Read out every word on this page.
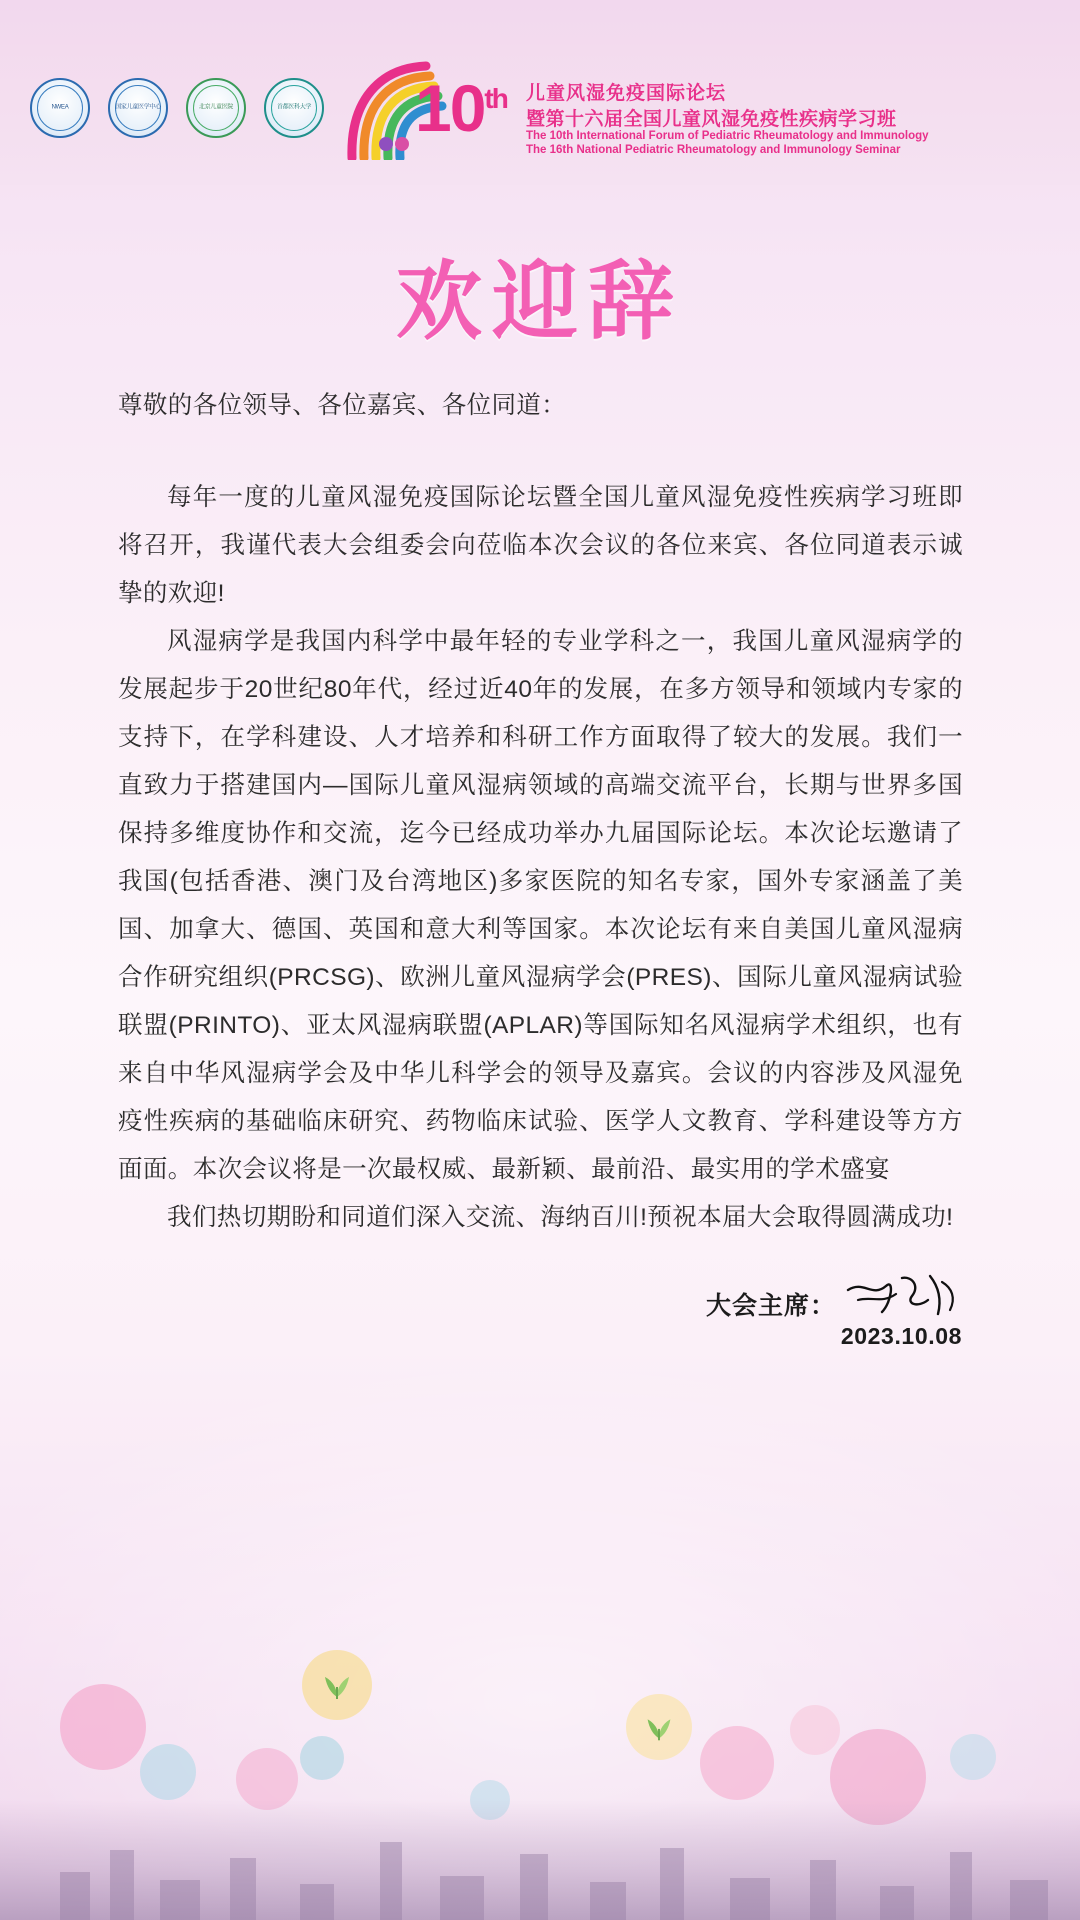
NWEA	国家儿童医学中心	北京儿童医院	首都医科大学 10th 儿童风湿免疫国际论坛
暨第十六届全国儿童风湿免疫性疾病学习班
The 10th International Forum of Pediatric Rheumatology and Immunology
The 16th National Pediatric Rheumatology and Immunology Seminar
欢迎辞

尊敬的各位领导、各位嘉宾、各位同道：

每年一度的儿童风湿免疫国际论坛暨全国儿童风湿免疫性疾病学习班即将召开，我谨代表大会组委会向莅临本次会议的各位来宾、各位同道表示诚挚的欢迎!

风湿病学是我国内科学中最年轻的专业学科之一，我国儿童风湿病学的发展起步于20世纪80年代，经过近40年的发展，在多方领导和领域内专家的支持下，在学科建设、人才培养和科研工作方面取得了较大的发展。我们一直致力于搭建国内—国际儿童风湿病领域的高端交流平台，长期与世界多国保持多维度协作和交流，迄今已经成功举办九届国际论坛。本次论坛邀请了我国(包括香港、澳门及台湾地区)多家医院的知名专家，国外专家涵盖了美国、加拿大、德国、英国和意大利等国家。本次论坛有来自美国儿童风湿病合作研究组织(PRCSG)、欧洲儿童风湿病学会(PRES)、国际儿童风湿病试验联盟(PRINTO)、亚太风湿病联盟(APLAR)等国际知名风湿病学术组织，也有来自中华风湿病学会及中华儿科学会的领导及嘉宾。会议的内容涉及风湿免疫性疾病的基础临床研究、药物临床试验、医学人文教育、学科建设等方方面面。本次会议将是一次最权威、最新颖、最前沿、最实用的学术盛宴

我们热切期盼和同道们深入交流、海纳百川!预祝本届大会取得圆满成功!

大会主席：
2023.10.08
